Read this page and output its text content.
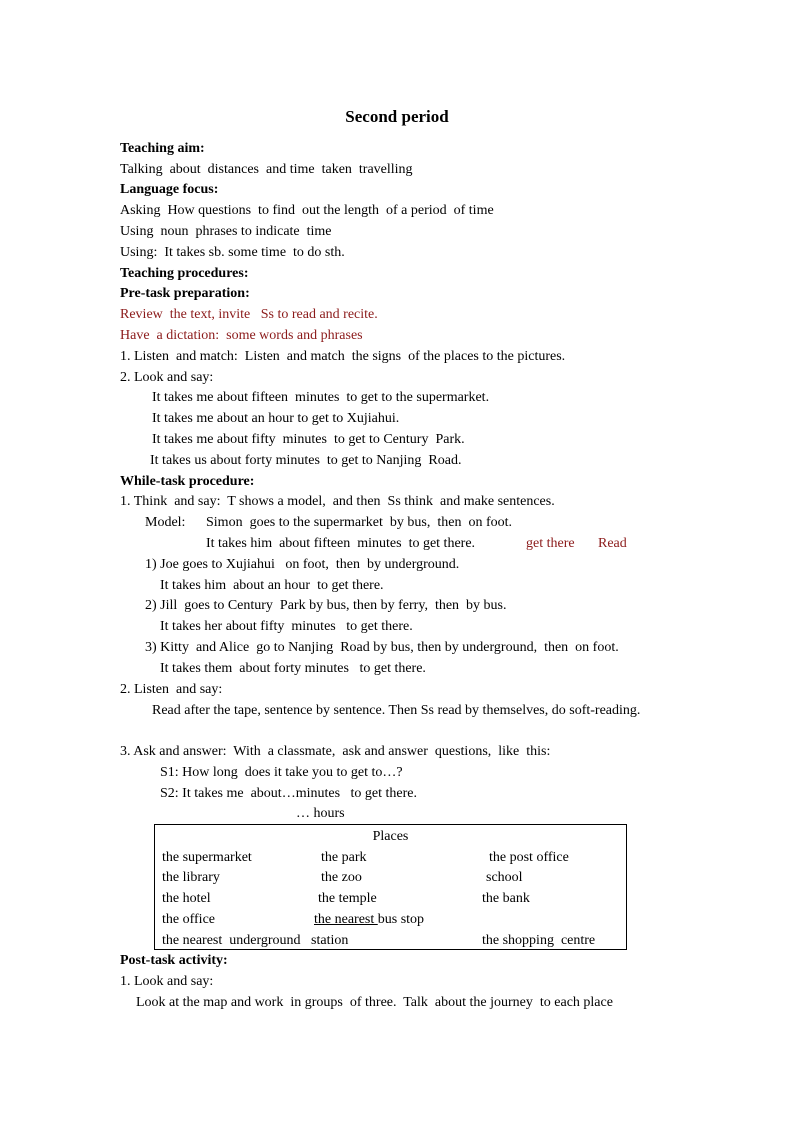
Second period
Teaching aim:
Talking  about  distances  and time  taken  travelling
Language focus:
Asking  How questions  to find  out the length  of a period  of time
Using  noun  phrases to indicate  time
Using:  It takes sb. some time  to do sth.
Teaching procedures:
Pre-task preparation:
Review  the text, invite   Ss to read and recite.
Have  a dictation:  some words and phrases
1. Listen  and match:  Listen  and match  the signs  of the places to the pictures.
2. Look and say:
It takes me about fifteen  minutes  to get to the supermarket.
It takes me about an hour to get to Xujiahui.
It takes me about fifty  minutes  to get to Century  Park.
It takes us about forty minutes  to get to Nanjing  Road.
While-task procedure:
1. Think  and say:  T shows a model,  and then  Ss think  and make sentences.
Model: Simon  goes to the supermarket  by bus,  then  on foot.
It takes him  about fifteen  minutes  to get there.	get there Read
1) Joe goes to Xujiahui   on foot,  then  by underground.
It takes him  about an hour  to get there.
2) Jill  goes to Century  Park by bus, then by ferry,  then  by bus.
It takes her about fifty  minutes   to get there.
3) Kitty  and Alice  go to Nanjing  Road by bus, then by underground,  then  on foot.
It takes them  about forty minutes   to get there.
2. Listen  and say:
Read after the tape, sentence by sentence. Then Ss read by themselves, do soft-reading.
3. Ask and answer:  With  a classmate,  ask and answer  questions,  like  this:
S1: How long  does it take you to get to…?
S2: It takes me  about…minutes   to get there.
… hours
Places
the supermarket	the park	the post office
the library	the zoo	school
the hotel	the temple	the bank
the office	the nearest bus stop
the nearest  underground   station	the shopping  centre
Post-task activity:
1. Look and say:
Look at the map and work  in groups  of three.  Talk  about the journey  to each place
